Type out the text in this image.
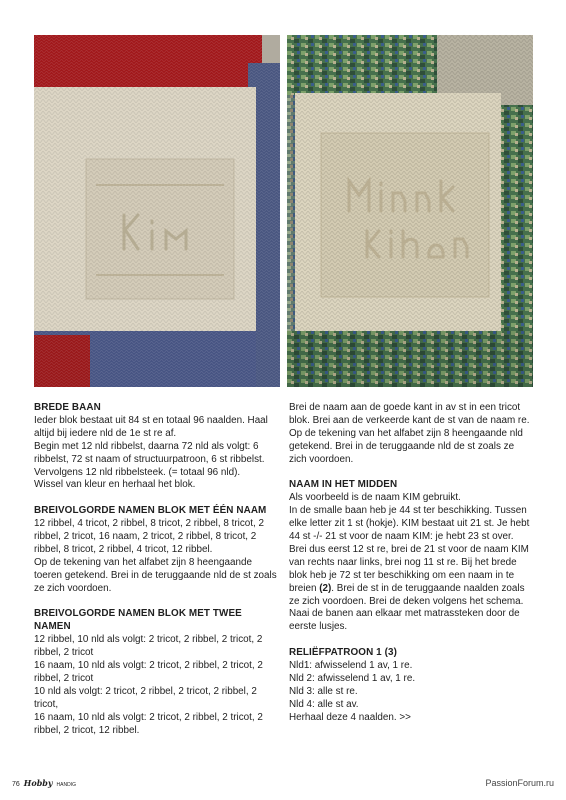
BREDE BAAN

Ieder blok bestaat uit 84 st en totaal 96 naalden. Haal altijd bij iedere nld de 1e st re af.

Begin met 12 nld ribbelst, daarna 72 nld als volgt: 6 ribbelst, 72 st naam of structuurpatroon, 6 st ribbelst.

Vervolgens 12 nld ribbelsteek. (= totaal 96 nld).

Wissel van kleur en herhaal het blok.

BREIVOLGORDE NAMEN BLOK MET ÉÉN NAAM

12 ribbel, 4 tricot, 2 ribbel, 8 tricot, 2 ribbel, 8 tricot, 2 ribbel, 2 tricot, 16 naam, 2 tricot, 2 ribbel, 8 tricot, 2 ribbel, 8 tricot, 2 ribbel, 4 tricot, 12 ribbel.

Op de tekening van het alfabet zijn 8 heengaande toeren getekend. Brei in de teruggaande nld de st zoals ze zich voordoen.

BREIVOLGORDE NAMEN BLOK MET TWEE NAMEN

12 ribbel, 10 nld als volgt: 2 tricot, 2 ribbel, 2 tricot, 2 ribbel, 2 tricot

16 naam, 10 nld als volgt: 2 tricot, 2 ribbel, 2 tricot, 2 ribbel, 2 tricot

10 nld als volgt: 2 tricot, 2 ribbel, 2 tricot, 2 ribbel, 2 tricot,

16 naam, 10 nld als volgt: 2 tricot, 2 ribbel, 2 tricot, 2 ribbel, 2 tricot, 12 ribbel.

Brei de naam aan de goede kant in av st in een tricot blok. Brei aan de verkeerde kant de st van de naam re. Op de tekening van het alfabet zijn 8 heengaande nld getekend. Brei in de teruggaande nld de st zoals ze zich voordoen.

NAAM IN HET MIDDEN

Als voorbeeld is de naam KIM gebruikt.

In de smalle baan heb je 44 st ter beschikking. Tussen elke letter zit 1 st (hokje). KIM bestaat uit 21 st. Je hebt 44 st -/- 21 st voor de naam KIM: je hebt 23 st over. Brei dus eerst 12 st re, brei de 21 st voor de naam KIM van rechts naar links, brei nog 11 st re. Bij het brede blok heb je 72 st ter beschikking om een naam in te breien (2). Brei de st in de teruggaande naalden zoals ze zich voordoen. Brei de deken volgens het schema. Naai de banen aan elkaar met matrassteken door de eerste lusjes.

RELIËFPATROON 1 (3)

Nld1: afwisselend 1 av, 1 re.

Nld 2: afwisselend 1 av, 1 re.

Nld 3: alle st re.

Nld 4: alle st av.

Herhaal deze 4 naalden. >>

76 Hobby HANDIG	PassionForum.ru
